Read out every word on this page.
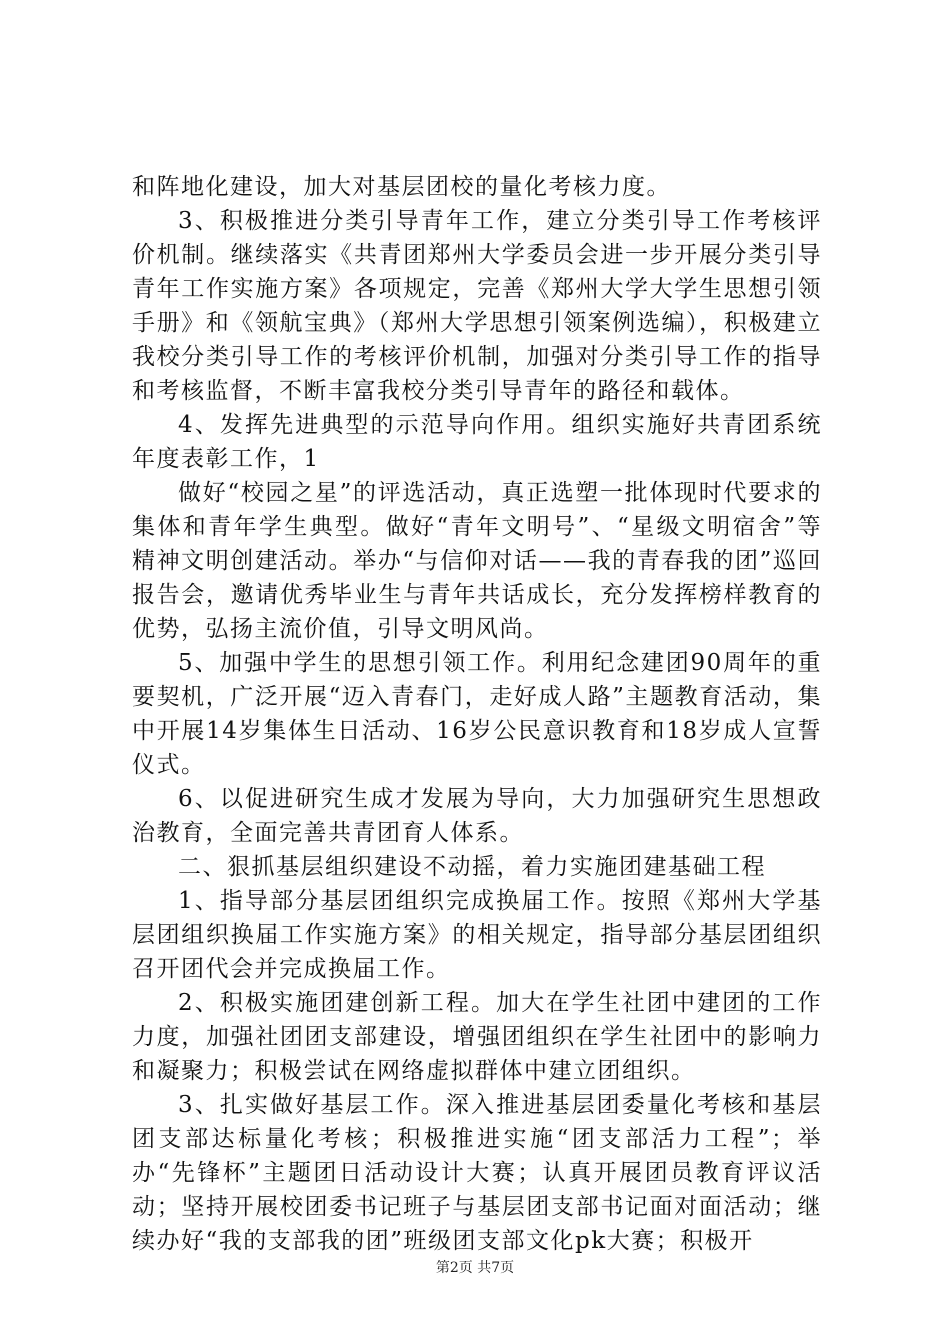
和阵地化建设，加大对基层团校的量化考核力度。

3、积极推进分类引导青年工作，建立分类引导工作考核评价机制。继续落实《共青团郑州大学委员会进一步开展分类引导青年工作实施方案》各项规定，完善《郑州大学大学生思想引领手册》和《领航宝典》（郑州大学思想引领案例选编），积极建立我校分类引导工作的考核评价机制，加强对分类引导工作的指导和考核监督，不断丰富我校分类引导青年的路径和载体。

4、发挥先进典型的示范导向作用。组织实施好共青团系统年度表彰工作，1

做好“校园之星”的评选活动，真正选塑一批体现时代要求的集体和青年学生典型。做好“青年文明号”、“星级文明宿舍”等精神文明创建活动。举办“与信仰对话——我的青春我的团”巡回报告会，邀请优秀毕业生与青年共话成长，充分发挥榜样教育的优势，弘扬主流价值，引导文明风尚。

5、加强中学生的思想引领工作。利用纪念建团90周年的重要契机，广泛开展“迈入青春门，走好成人路”主题教育活动，集中开展14岁集体生日活动、16岁公民意识教育和18岁成人宣誓仪式。

6、以促进研究生成才发展为导向，大力加强研究生思想政治教育，全面完善共青团育人体系。

二、狠抓基层组织建设不动摇，着力实施团建基础工程

1、指导部分基层团组织完成换届工作。按照《郑州大学基层团组织换届工作实施方案》的相关规定，指导部分基层团组织召开团代会并完成换届工作。

2、积极实施团建创新工程。加大在学生社团中建团的工作力度，加强社团团支部建设，增强团组织在学生社团中的影响力和凝聚力；积极尝试在网络虚拟群体中建立团组织。

3、扎实做好基层工作。深入推进基层团委量化考核和基层团支部达标量化考核；积极推进实施“团支部活力工程”；举办“先锋杯”主题团日活动设计大赛；认真开展团员教育评议活动；坚持开展校团委书记班子与基层团支部书记面对面活动；继续办好“我的支部我的团”班级团支部文化pk大赛；积极开

第2页 共7页
